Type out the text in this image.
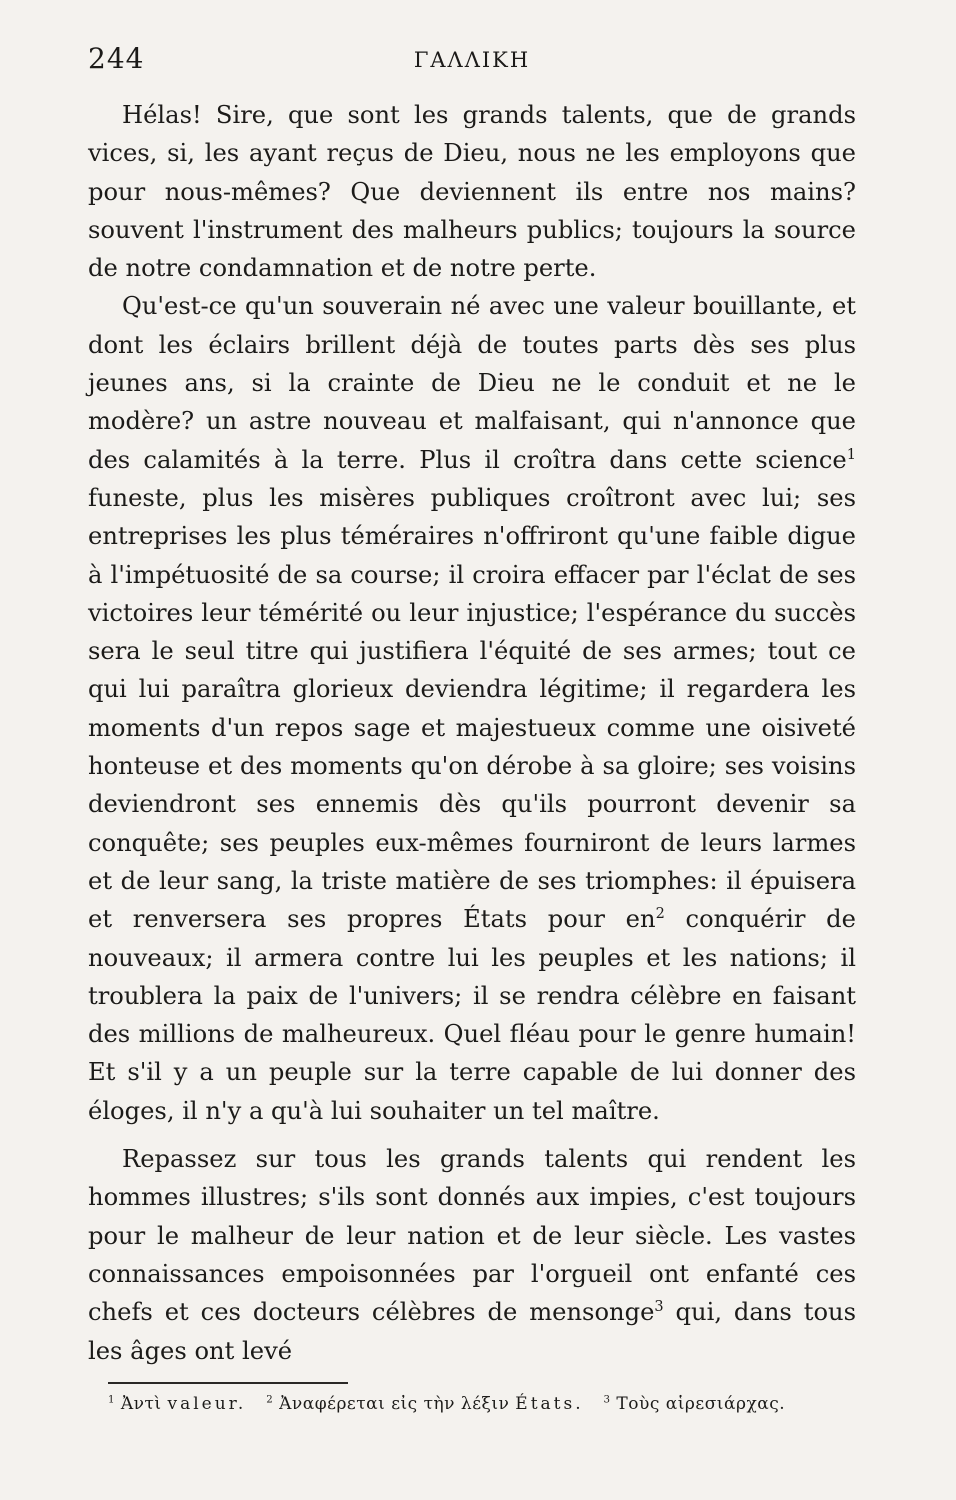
244	ΓΑΛΛΙΚΗ

Hélas! Sire, que sont les grands talents, que de grands vices, si, les ayant reçus de Dieu, nous ne les employons que pour nous-mêmes? Que deviennent ils entre nos mains? souvent l'instrument des malheurs publics; toujours la source de notre condamnation et de notre perte.

Qu'est-ce qu'un souverain né avec une valeur bouillante, et dont les éclairs brillent déjà de toutes parts dès ses plus jeunes ans, si la crainte de Dieu ne le conduit et ne le modère? un astre nouveau et malfaisant, qui n'annonce que des calamités à la terre. Plus il croîtra dans cette science$^1$ funeste, plus les misères publiques croîtront avec lui; ses entreprises les plus téméraires n'offriront qu'une faible digue à l'impétuosité de sa course; il croira effacer par l'éclat de ses victoires leur témérité ou leur injustice; l'espérance du succès sera le seul titre qui justifiera l'équité de ses armes; tout ce qui lui paraîtra glorieux deviendra légitime; il regardera les moments d'un repos sage et majestueux comme une oisiveté honteuse et des moments qu'on dérobe à sa gloire; ses voisins deviendront ses ennemis dès qu'ils pourront devenir sa conquête; ses peuples eux-mêmes fourniront de leurs larmes et de leur sang, la triste matière de ses triomphes: il épuisera et renversera ses propres États pour $en^2$ conquérir de nouveaux; il armera contre lui les peuples et les nations; il troublera la paix de l'univers; il se rendra célèbre en faisant des millions de malheureux. Quel fléau pour le genre humain! Et s'il y a un peuple sur la terre capable de lui donner des éloges, il n'y a qu'à lui souhaiter un tel maître.

Repassez sur tous les grands talents qui rendent les hommes illustres; s'ils sont donnés aux impies, c'est toujours pour le malheur de leur nation et de leur siècle. Les vastes connaissances empoisonnées par l'orgueil ont enfanté ces chefs et ces docteurs célèbres de mensonge$^3$ qui, dans tous les âges ont levé

$^1$ Ἀντὶ valeur. $^2$ Ἀναφέρεται εἰς τὴν λέξιν États. $^3$ Τοὺς αἱρεσιάρχας.
